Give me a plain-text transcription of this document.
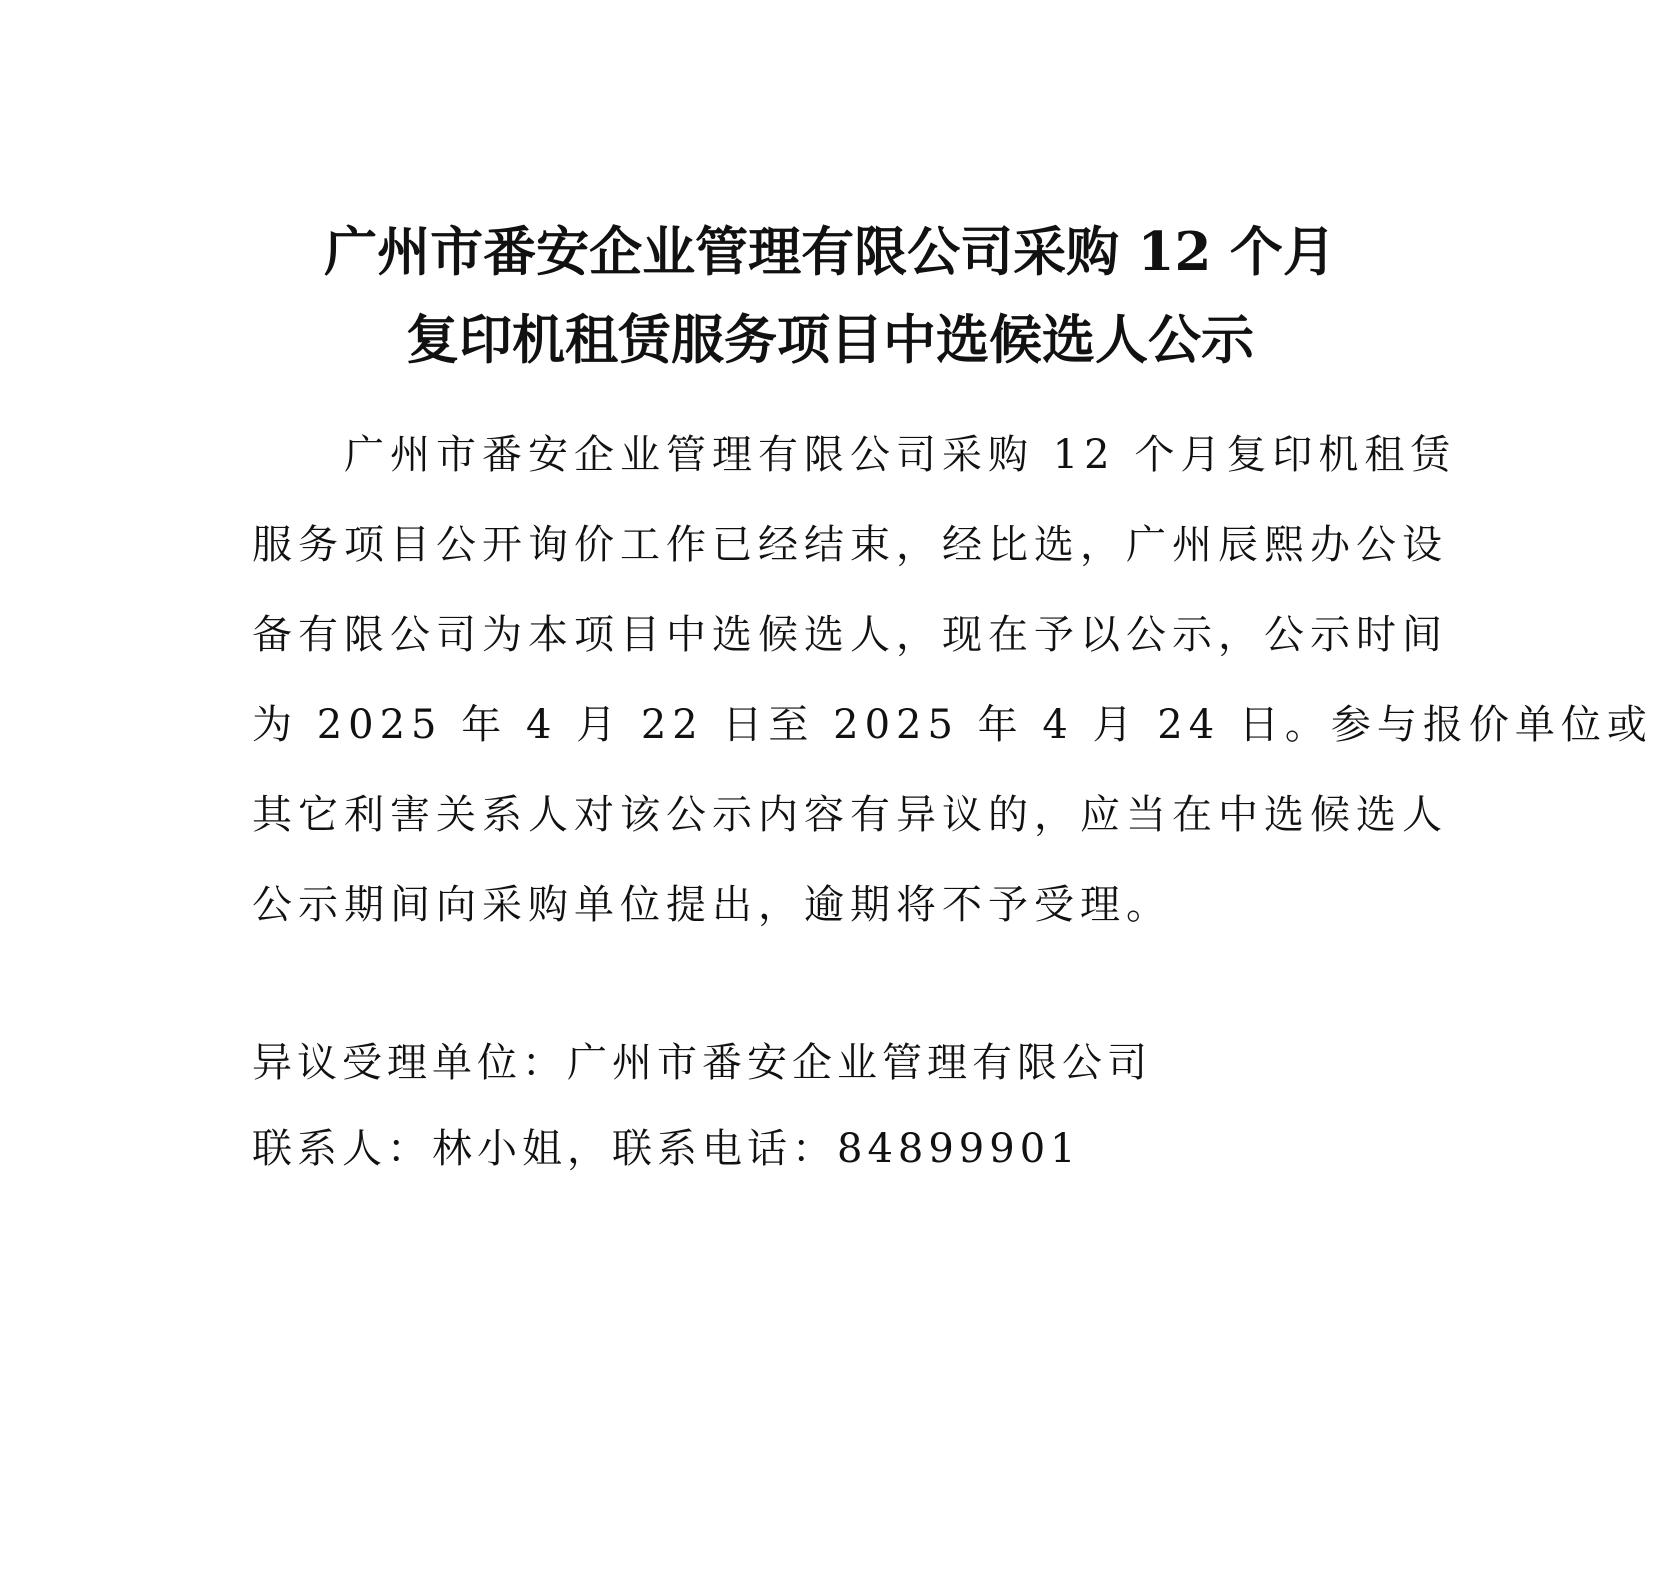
广州市番安企业管理有限公司采购 12 个月
复印机租赁服务项目中选候选人公示
　　广州市番安企业管理有限公司采购 12 个月复印机租赁
服务项目公开询价工作已经结束，经比选，广州辰熙办公设
备有限公司为本项目中选候选人，现在予以公示，公示时间
为 2025 年 4 月 22 日至 2025 年 4 月 24 日。参与报价单位或
其它利害关系人对该公示内容有异议的，应当在中选候选人
公示期间向采购单位提出，逾期将不予受理。
异议受理单位：广州市番安企业管理有限公司
联系人：林小姐，联系电话：84899901
